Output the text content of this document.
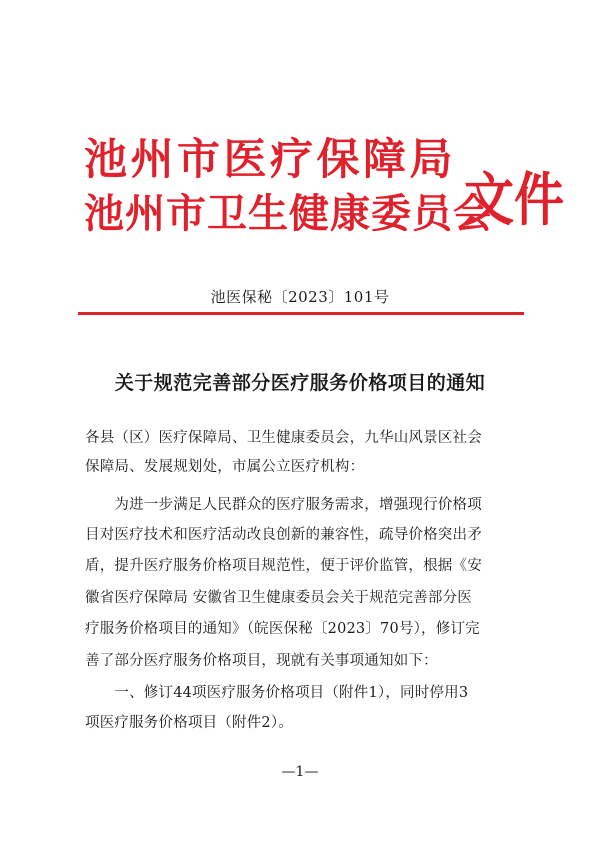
池州市医疗保障局
池州市卫生健康委员会
文件
池医保秘〔2023〕101号
关于规范完善部分医疗服务价格项目的通知
各县（区）医疗保障局、卫生健康委员会，九华山风景区社会
保障局、发展规划处，市属公立医疗机构：
　　为进一步满足人民群众的医疗服务需求，增强现行价格项
目对医疗技术和医疗活动改良创新的兼容性，疏导价格突出矛
盾，提升医疗服务价格项目规范性，便于评价监管，根据《安
徽省医疗保障局 安徽省卫生健康委员会关于规范完善部分医
疗服务价格项目的通知》（皖医保秘〔2023〕70号），修订完
善了部分医疗服务价格项目，现就有关事项通知如下：
　　一、修订44项医疗服务价格项目（附件1），同时停用3
项医疗服务价格项目（附件2）。
—1—
